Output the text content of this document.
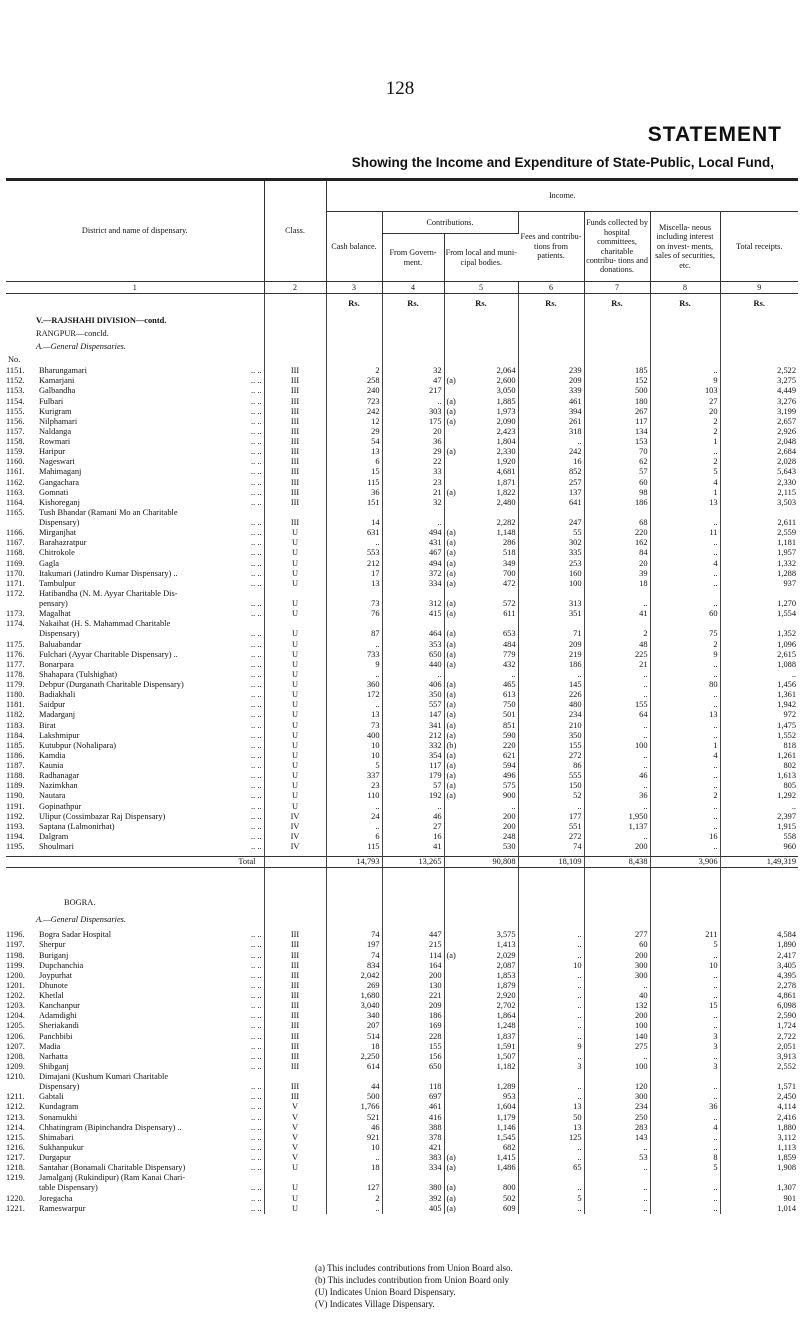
128
STATEMENT
Showing the Income and Expenditure of State-Public, Local Fund,
District and name of dispensary.	Class.	Income.						
		Cash balance.	Contributions.		Fees and contribu- tions from patients.	Funds collected by hospital committees, charitable contribu- tions and donations.	Miscella- neous including interest on invest- ments, sales of securities, etc.	Total receipts.
			From Govern- ment.	From local and muni- cipal bodies.				
1	2	3	4	5	6	7	8	9
		Rs.	Rs.	Rs.	Rs.	Rs.	Rs.	Rs.
V.—RAJSHAHI DIVISION—contd.								
RANGPUR—concld.								
A.—General Dispensaries.								
No.								
1151. Bharungamari .. ..	III	2	32	2,064	239	185	..	2,522
1152. Kamarjani .. ..	III	258	47	(a) 2,600	209	152	9	3,275
1153. Galbandha .. ..	III	240	217	3,050	339	500	103	4,449
1154. Fulbari .. ..	III	723	..	(a) 1,885	461	180	27	3,276
1155. Kurigram .. ..	III	242	303	(a) 1,973	394	267	20	3,199
1156. Nilphamari .. ..	III	12	175	(a) 2,090	261	117	2	2,657
1157. Naldanga .. ..	III	29	20	2,423	318	134	2	2,926
1158. Rowmari .. ..	III	54	36	1,804	..	153	1	2,048
1159. Haripur .. ..	III	13	29	(a) 2,330	242	70	..	2,684
1160. Nageswari .. ..	III	6	22	1,920	16	62	2	2,028
1161. Mahimaganj .. ..	III	15	33	4,681	852	57	5	5,643
1162. Gangachara .. ..	III	115	23	1,871	257	60	4	2,330
1163. Gomnati .. ..	III	36	21	(a) 1,822	137	98	1	2,115
1164. Kishoreganj .. ..	III	151	32	2,480	641	186	13	3,503
1165. Tush Bhandar (Ramani Mo an Charitable				

Dispensary) .. ..	III	14	..	2,282	247	68	..	2,611
1166. Mirganjhat .. ..	U	631	494	(a) 1,148	55	220	11	2,559
1167. Barahazratpur .. ..	U	..	431	(a) 286	302	162	..	1,181
1168. Chitrokole .. ..	U	553	467	(a) 518	335	84	..	1,957
1169. Gagla .. ..	U	212	494	(a) 349	253	20	4	1,332
1170. Itakumari (Jatindro Kumar Dispensary) .. .. ..	U	17	372	(a) 700	160	39	..	1,288
1171. Tambulpur .. ..	U	13	334	(a) 472	100	18	..	937
1172. Hatibandha (N. M. Ayyar Charitable Dis-				

pensary) .. ..	U	73	312	(a) 572	313	..	..	1,270
1173. Magalhat .. ..	U	76	415	(a) 611	351	41	60	1,554
1174. Nakaihat (H. S. Mahammad Charitable				

Dispensary) .. ..	U	87	464	(a) 653	71	2	75	1,352
1175. Baluabandar .. ..	U	..	353	(a) 484	209	48	2	1,096
1176. Fulchari (Ayyar Charitable Dispensary) .. .. ..	U	733	650	(a) 779	219	225	9	2,615
1177. Bonarpara .. ..	U	9	440	(a) 432	186	21	..	1,088
1178. Shahapara (Tulshighat) .. ..	U	..	..	..	..	..	..	..
1179. Debpur (Durganath Charitable Dispensary) .. ..	U	360	406	(a) 465	145	..	80	1,456
1180. Badiakhali .. ..	U	172	350	(a) 613	226	..	..	1,361
1181. Saidpur .. ..	U	..	557	(a) 750	480	155	..	1,942
1182. Madarganj .. ..	U	13	147	(a) 501	234	64	13	972
1183. Birat .. ..	U	73	341	(a) 851	210	..	..	1,475
1184. Lakshmipur .. ..	U	400	212	(a) 590	350	..	..	1,552
1185. Kutubpur (Nohalipara) .. ..	U	10	332	(b) 220	155	100	1	818
1186. Kamdia .. ..	U	10	354	(a) 621	272	..	4	1,261
1187. Kaunia .. ..	U	5	117	(a) 594	86	..	..	802
1188. Radhanagar .. ..	U	337	179	(a) 496	555	46	..	1,613
1189. Nazimkhan .. ..	U	23	57	(a) 575	150	..	..	805
1190. Nautara .. ..	U	110	192	(a) 900	52	36	2	1,292
1191. Gopinathpur .. ..	U	..	..	..	..	..	..	..
1192. Ulipur (Cossimbazar Raj Dispensary) .. ..	IV	24	46	200	177	1,950	..	2,397
1193. Saptana (Lalmonirhat) .. ..	IV	..	27	200	551	1,137	..	1,915
1194. Dalgram .. ..	IV	6	16	248	272	..	16	558
1195. Shoulmari .. ..	IV	115	41	530	74	200	..	960

Total		14,793	13,265	90,808	18,109	8,438	3,906	1,49,319

BOGRA.								

A.—General Dispensaries.								

1196. Bogra Sadar Hospital .. ..	III	74	447	3,575	..	277	211	4,584
1197. Sherpur .. ..	III	197	215	1,413	..	60	5	1,890
1198. Buriganj .. ..	III	74	114	(a) 2,029	..	200	..	2,417
1199. Dupchanchia .. ..	III	834	164	2,087	10	300	10	3,405
1200. Joypurhat .. ..	III	2,042	200	1,853	..	300	..	4,395
1201. Dhunote .. ..	III	269	130	1,879	..	..	..	2,278
1202. Khetlal .. ..	III	1,680	221	2,920	..	40	..	4,861
1203. Kanchanpur .. ..	III	3,040	209	2,702	..	132	15	6,098
1204. Adamdighi .. ..	III	340	186	1,864	..	200	..	2,590
1205. Sheriakandi .. ..	III	207	169	1,248	..	100	..	1,724
1206. Panchbibi .. ..	III	514	228	1,837	..	140	3	2,722
1207. Madia .. ..	III	18	155	1,591	9	275	3	2,051
1208. Narhatta .. ..	III	2,250	156	1,507	..	..	..	3,913
1209. Shibganj .. ..	III	614	650	1,182	3	100	3	2,552
1210. Dimajani (Kushum Kumari Charitable				

Dispensary) .. ..	III	44	118	1,289	..	120	..	1,571
1211. Gabtali .. ..	III	500	697	953	..	300	..	2,450
1212. Kundagram .. ..	V	1,766	461	1,604	13	234	36	4,114
1213. Sonamukhi .. ..	V	521	416	1,179	50	250	..	2,416
1214. Chhatingram (Bipinchandra Dispensary) .. .. ..	V	46	388	1,146	13	283	4	1,880
1215. Shimabari .. ..	V	921	378	1,545	125	143	..	3,112
1216. Sukhanpukur .. ..	V	10	421	682	..	..	..	1,113
1217. Durgapur .. ..	V	..	383	(a) 1,415	..	53	8	1,859
1218. Santahar (Bonamali Charitable Dispensary) .. ..	U	18	334	(a) 1,486	65	..	5	1,908
1219. Jamalganj (Rukindipur) (Ram Kanai Chari-				

table Dispensary) .. ..	U	127	380	(a) 800	..	..	..	1,307
1220. Joregacha .. ..	U	2	392	(a) 502	5	..	..	901
1221. Rameswarpur .. ..	U	..	405	(a) 609	..	..	..	1,014
(a) This includes contributions from Union Board also.
(b) This includes contribution from Union Board only
(U) Indicates Union Board Dispensary.
(V) Indicates Village Dispensary.
